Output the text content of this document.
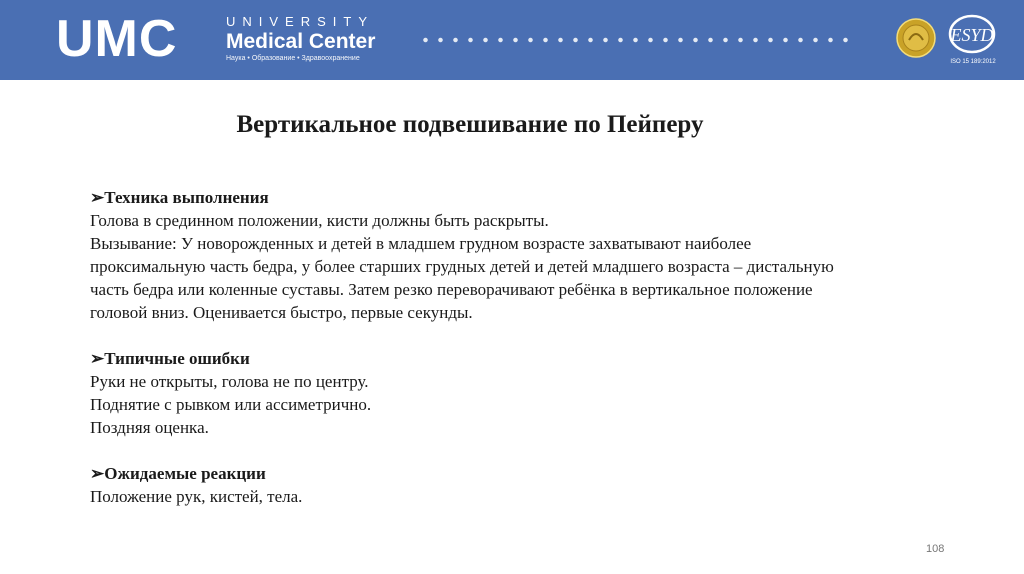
UMC	UNIVERSITY
Medical Center
Наука • Образование • Здравоохранение
ЕSYD
ISO 15 189:2012
Вертикальное подвешивание по Пейперу

➢Техника выполнения

Голова в срединном положении, кисти должны быть раскрыты.

Вызывание: У новорожденных и детей в младшем грудном возрасте захватывают наиболее

проксимальную часть бедра, у более старших грудных детей и детей младшего возраста – дистальную

часть бедра или коленные суставы. Затем резко переворачивают ребёнка в вертикальное положение

головой вниз. Оценивается быстро, первые секунды.

➢Типичные ошибки

Руки не открыты, голова не по центру.

Поднятие с рывком или ассиметрично.

Поздняя оценка.

➢Ожидаемые реакции

Положение рук, кистей, тела.

108
